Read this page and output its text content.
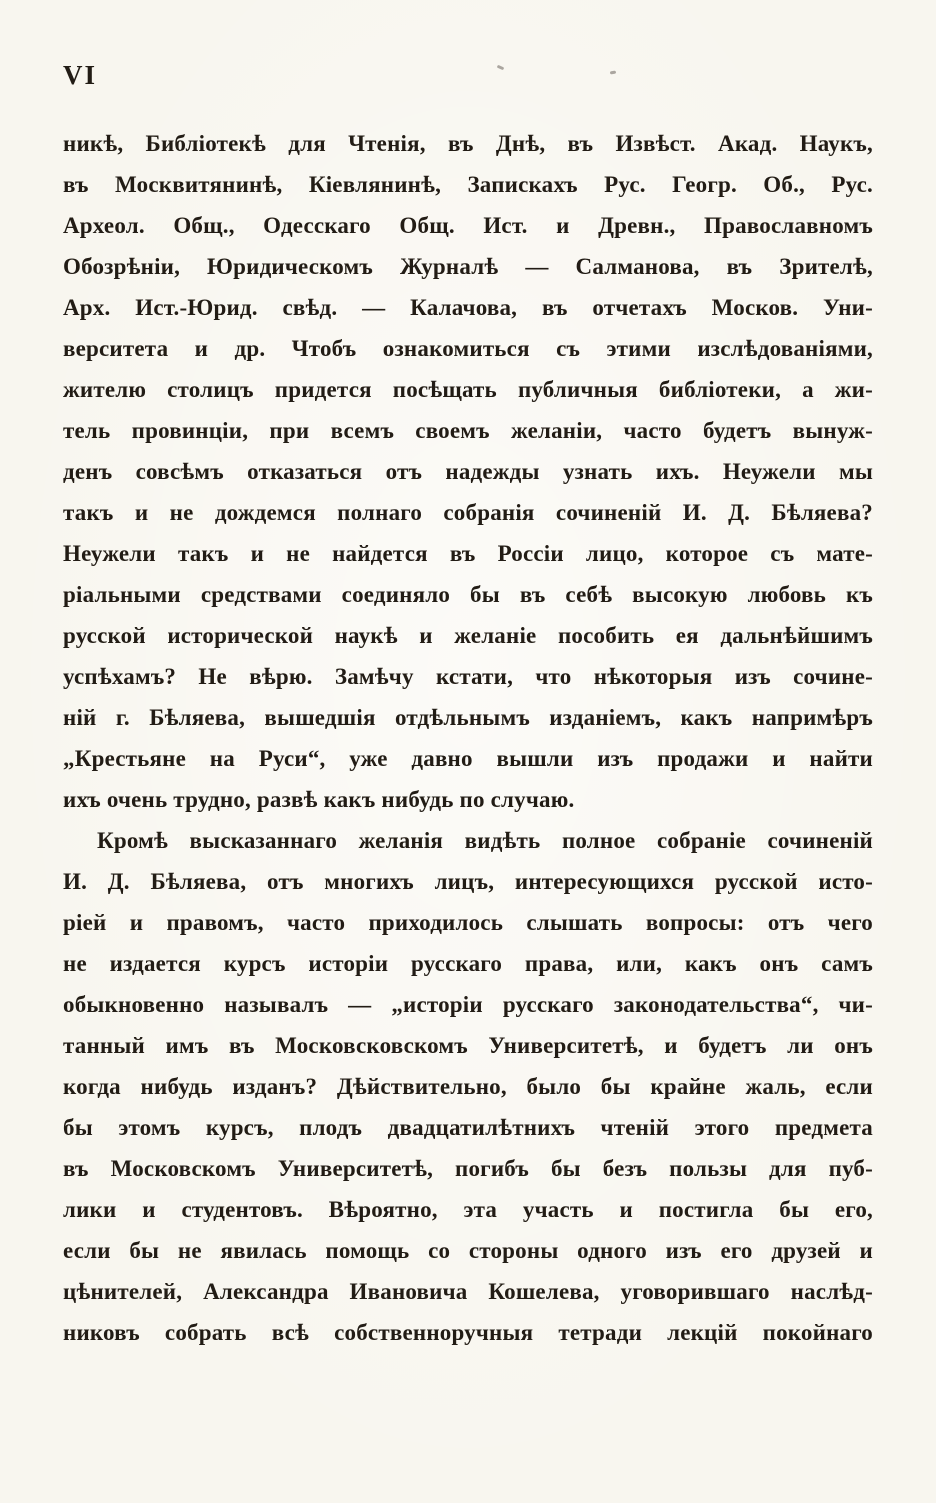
VI
никѣ, Библіотекѣ для Чтенія, въ Днѣ, въ Извѣст. Акад. Наукъ,
въ Москвитянинѣ, Кіевлянинѣ, Запискахъ Рус. Геогр. Об., Рус.
Археол. Общ., Одесскаго Общ. Ист. и Древн., Православномъ
Обозрѣніи, Юридическомъ Журналѣ — Салманова, въ Зрителѣ,
Арх. Ист.-Юрид. свѣд. — Калачова, въ отчетахъ Москов. Уни-
верситета и др. Чтобъ ознакомиться съ этими изслѣдованіями,
жителю столицъ придется посѣщать публичныя библіотеки, а жи-
тель провинціи, при всемъ своемъ желаніи, часто будетъ вынуж-
денъ совсѣмъ отказаться отъ надежды узнать ихъ. Неужели мы
такъ и не дождемся полнаго собранія сочиненій И. Д. Бѣляева?
Неужели такъ и не найдется въ Россіи лицо, которое съ мате-
ріальными средствами соединяло бы въ себѣ высокую любовь къ
русской исторической наукѣ и желаніе пособить ея дальнѣйшимъ
успѣхамъ? Не вѣрю. Замѣчу кстати, что нѣкоторыя изъ сочине-
ній г. Бѣляева, вышедшія отдѣльнымъ изданіемъ, какъ напримѣръ
„Крестьяне на Руси“, уже давно вышли изъ продажи и найти
ихъ очень трудно, развѣ какъ нибудь по случаю.
Кромѣ высказаннаго желанія видѣть полное собраніе сочиненій
И. Д. Бѣляева, отъ многихъ лицъ, интересующихся русской исто-
ріей и правомъ, часто приходилось слышать вопросы: отъ чего
не издается курсъ исторіи русскаго права, или, какъ онъ самъ
обыкновенно называлъ — „исторіи русскаго законодательства“, чи-
танный имъ въ Московсковскомъ Университетѣ, и будетъ ли онъ
когда нибудь изданъ? Дѣйствительно, было бы крайне жаль, если
бы этомъ курсъ, плодъ двадцатилѣтнихъ чтеній этого предмета
въ Московскомъ Университетѣ, погибъ бы безъ пользы для пуб-
лики и студентовъ. Вѣроятно, эта участь и постигла бы его,
если бы не явилась помощь со стороны одного изъ его друзей и
цѣнителей, Александра Ивановича Кошелева, уговорившаго наслѣд-
никовъ собрать всѣ собственноручныя тетради лекцій покойнаго
